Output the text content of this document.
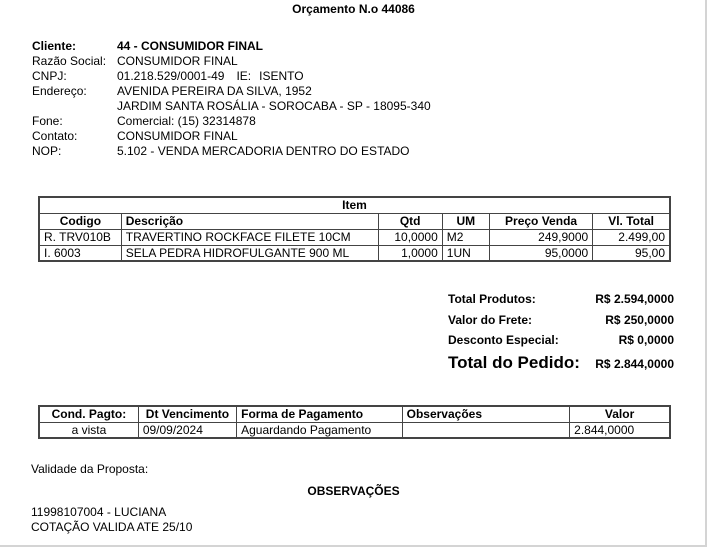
Orçamento N.o 44086
Cliente:	44 - CONSUMIDOR FINAL
Razão Social: CONSUMIDOR FINAL
CNPJ:	01.218.529/0001-49 IE: ISENTO
Endereço:	AVENIDA PEREIRA DA SILVA, 1952
JARDIM SANTA ROSÁLIA - SOROCABA - SP - 18095-340
Fone:	Comercial: (15) 32314878
Contato:	CONSUMIDOR FINAL
NOP:	5.102 - VENDA MERCADORIA DENTRO DO ESTADO
Item					
Codigo	Descrição	Qtd	UM	Preço Venda	Vl. Total
R. TRV010B	TRAVERTINO ROCKFACE FILETE 10CM	10,0000	M2	249,9000	2.499,00
I. 6003	SELA PEDRA HIDROFULGANTE 900 ML	1,0000	1UN	95,0000	95,00
Total Produtos:	R$ 2.594,0000
Valor do Frete:	R$ 250,0000
Desconto Especial:	R$ 0,0000
Total do Pedido: R$ 2.844,0000
Cond. Pagto:	Dt Vencimento	Forma de Pagamento	Observações	Valor
a vista	09/09/2024	Aguardando Pagamento		2.844,0000
Validade da Proposta:
OBSERVAÇÕES
11998107004 - LUCIANA
COTAÇÃO VALIDA ATE 25/10
